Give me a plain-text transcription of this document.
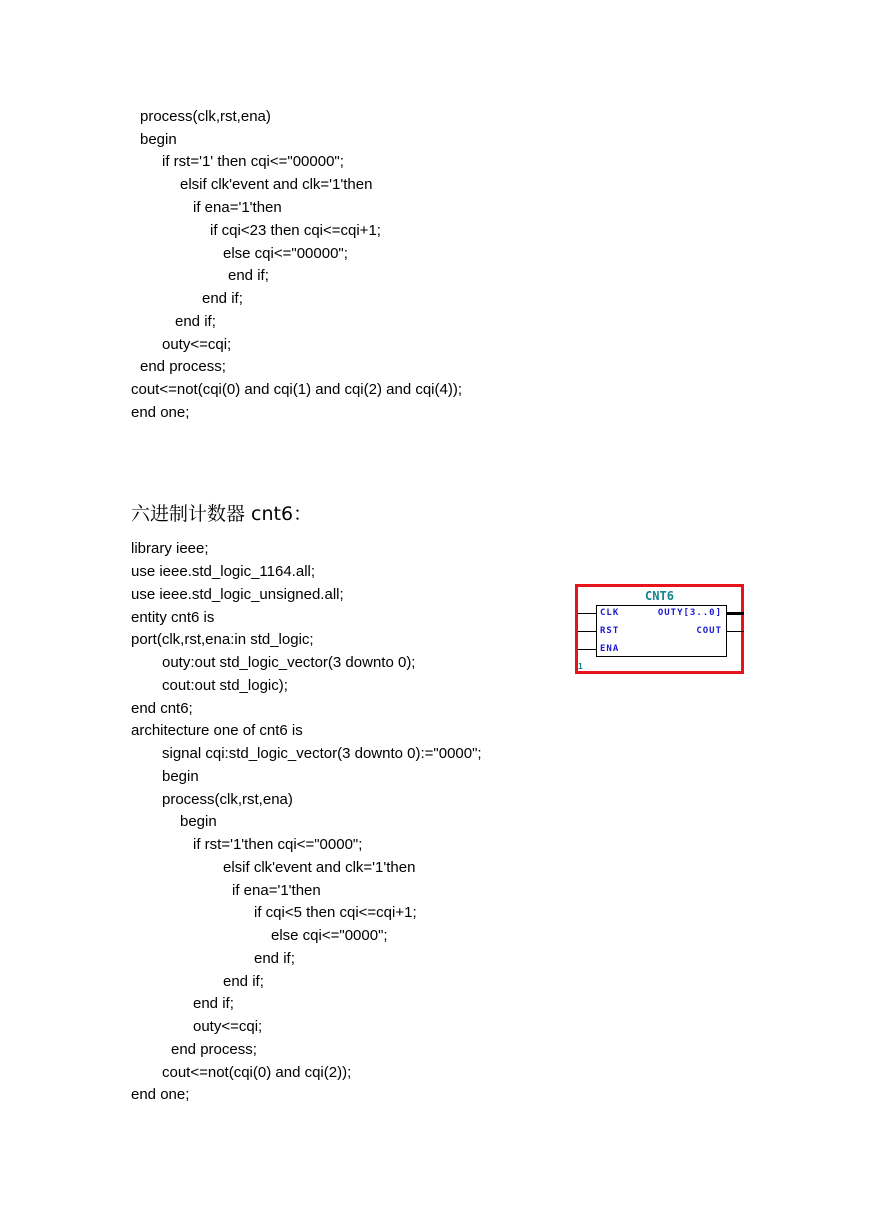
process(clk,rst,ena)
begin
if rst='1' then cqi<="00000";
elsif clk'event and clk='1'then
if ena='1'then
if cqi<23 then cqi<=cqi+1;
else cqi<="00000";
end if;
end if;
end if;
outy<=cqi;
end process;
cout<=not(cqi(0) and cqi(1) and cqi(2) and cqi(4));
end one;
六进制计数器 cnt6：
library ieee;
use ieee.std_logic_1164.all;
use ieee.std_logic_unsigned.all;
entity cnt6 is
port(clk,rst,ena:in std_logic;
outy:out std_logic_vector(3 downto 0);
cout:out std_logic);
end cnt6;
architecture one of cnt6 is
signal cqi:std_logic_vector(3 downto 0):="0000";
begin
process(clk,rst,ena)
begin
if rst='1'then cqi<="0000";
elsif clk'event and clk='1'then
if ena='1'then
if cqi<5 then cqi<=cqi+1;
else cqi<="0000";
end if;
end if;
end if;
outy<=cqi;
end process;
cout<=not(cqi(0) and cqi(2));
end one;
CNT6
CLK
RST
ENA
OUTY[3..0]
COUT
1
